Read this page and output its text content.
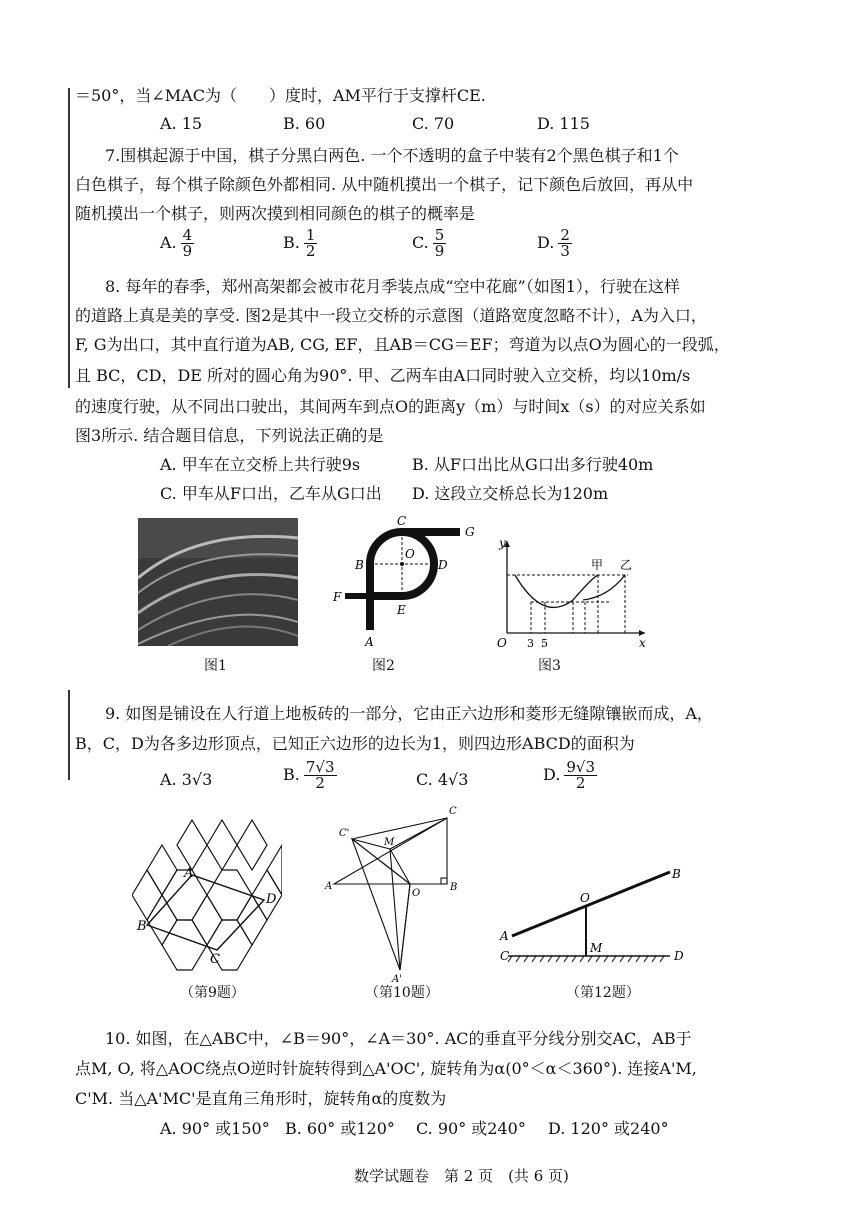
＝50°，当∠MAC为（　　）度时，AM平行于支撑杆CE.
A. 15	B. 60	C. 70	D. 115
7.围棋起源于中国，棋子分黑白两色. 一个不透明的盒子中装有2个黑色棋子和1个
白色棋子，每个棋子除颜色外都相同. 从中随机摸出一个棋子，记下颜色后放回，再从中
随机摸出一个棋子，则两次摸到相同颜色的棋子的概率是
A. $\frac{4}{9}$	B. $\frac{1}{2}$	C. $\frac{5}{9}$	D. $\frac{2}{3}$
8. 每年的春季，郑州高架都会被市花月季装点成“空中花廊”（如图1），行驶在这样
的道路上真是美的享受. 图2是其中一段立交桥的示意图（道路宽度忽略不计），A为入口，
F, G为出口，其中直行道为AB, CG, EF，且AB＝CG＝EF；弯道为以点O为圆心的一段弧，
且 BC，CD，DE 所对的圆心角为90°. 甲、乙两车由A口同时驶入立交桥，均以10m/s
的速度行驶，从不同出口驶出，其间两车到点O的距离y（m）与时间x（s）的对应关系如
图3所示. 结合题目信息，下列说法正确的是
A. 甲车在立交桥上共行驶9s	B. 从F口出比从G口出多行驶40m
C. 甲车从F口出，乙车从G口出 D. 这段立交桥总长为120m
图1
C
G
O
D
B
E
F
A
图2
y
x
O 3 5
甲 乙
图3
9. 如图是铺设在人行道上地板砖的一部分，它由正六边形和菱形无缝隙镶嵌而成，A，
B，C，D为各多边形顶点，已知正六边形的边长为1，则四边形ABCD的面积为
A. 3√3	B. $\frac{7√3}{2}$	C. 4√3	D. $\frac{9√3}{2}$
A
B
C
D
（第9题）
C
C'
M
A
O
B
A'
（第10题）
A
B
O
M
C	D
（第12题）
10. 如图，在△ABC中，∠B＝90°，∠A＝30°. AC的垂直平分线分别交AC，AB于
点M, O, 将△AOC绕点O逆时针旋转得到△A'OC', 旋转角为α(0°＜α＜360°). 连接A'M,
C'M. 当△A'MC'是直角三角形时，旋转角α的度数为
A. 90° 或150° B. 60° 或120° C. 90° 或240° D. 120° 或240°
数学试题卷　第 2 页　(共 6 页)
